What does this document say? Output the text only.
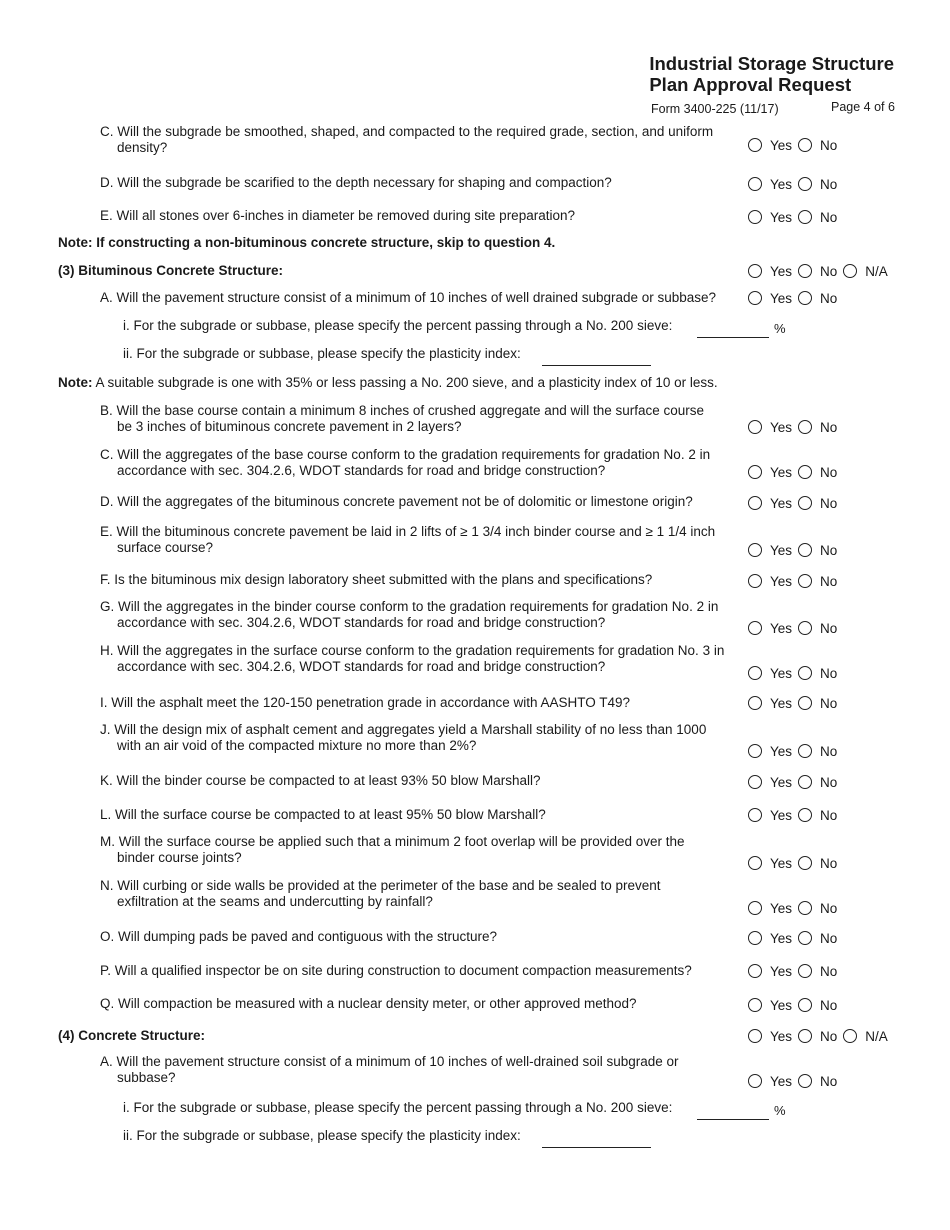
Industrial Storage Structure
Plan Approval Request
Form 3400-225 (11/17)	Page 4 of 6
C. Will the subgrade be smoothed, shaped, and compacted to the required grade, section, and uniform
density?	Yes No
D. Will the subgrade be scarified to the depth necessary for shaping and compaction?	Yes No
E. Will all stones over 6-inches in diameter be removed during site preparation?	Yes No
Note: If constructing a non-bituminous concrete structure, skip to question 4.
(3) Bituminous Concrete Structure:	Yes No N/A
A. Will the pavement structure consist of a minimum of 10 inches of well drained subgrade or subbase?	Yes No
i. For the subgrade or subbase, please specify the percent passing through a No. 200 sieve:	%
ii. For the subgrade or subbase, please specify the plasticity index:
Note: A suitable subgrade is one with 35% or less passing a No. 200 sieve, and a plasticity index of 10 or less.
B. Will the base course contain a minimum 8 inches of crushed aggregate and will the surface course
be 3 inches of bituminous concrete pavement in 2 layers?	Yes No
C. Will the aggregates of the base course conform to the gradation requirements for gradation No. 2 in
accordance with sec. 304.2.6, WDOT standards for road and bridge construction?	Yes No
D. Will the aggregates of the bituminous concrete pavement not be of dolomitic or limestone origin?	Yes No
E. Will the bituminous concrete pavement be laid in 2 lifts of ≥ 1 3/4 inch binder course and ≥ 1 1/4 inch
surface course?	Yes No
F. Is the bituminous mix design laboratory sheet submitted with the plans and specifications?	Yes No
G. Will the aggregates in the binder course conform to the gradation requirements for gradation No. 2 in
accordance with sec. 304.2.6, WDOT standards for road and bridge construction?	Yes No
H. Will the aggregates in the surface course conform to the gradation requirements for gradation No. 3 in
accordance with sec. 304.2.6, WDOT standards for road and bridge construction?	Yes No
I. Will the asphalt meet the 120-150 penetration grade in accordance with AASHTO T49?	Yes No
J. Will the design mix of asphalt cement and aggregates yield a Marshall stability of no less than 1000
with an air void of the compacted mixture no more than 2%?	Yes No
K. Will the binder course be compacted to at least 93% 50 blow Marshall?	Yes No
L. Will the surface course be compacted to at least 95% 50 blow Marshall?	Yes No
M. Will the surface course be applied such that a minimum 2 foot overlap will be provided over the
binder course joints?	Yes No
N. Will curbing or side walls be provided at the perimeter of the base and be sealed to prevent
exfiltration at the seams and undercutting by rainfall?	Yes No
O. Will dumping pads be paved and contiguous with the structure?	Yes No
P. Will a qualified inspector be on site during construction to document compaction measurements?	Yes No
Q. Will compaction be measured with a nuclear density meter, or other approved method?	Yes No
(4) Concrete Structure:	Yes No N/A
A. Will the pavement structure consist of a minimum of 10 inches of well-drained soil subgrade or
subbase?	Yes No
i. For the subgrade or subbase, please specify the percent passing through a No. 200 sieve:	%
ii. For the subgrade or subbase, please specify the plasticity index:
